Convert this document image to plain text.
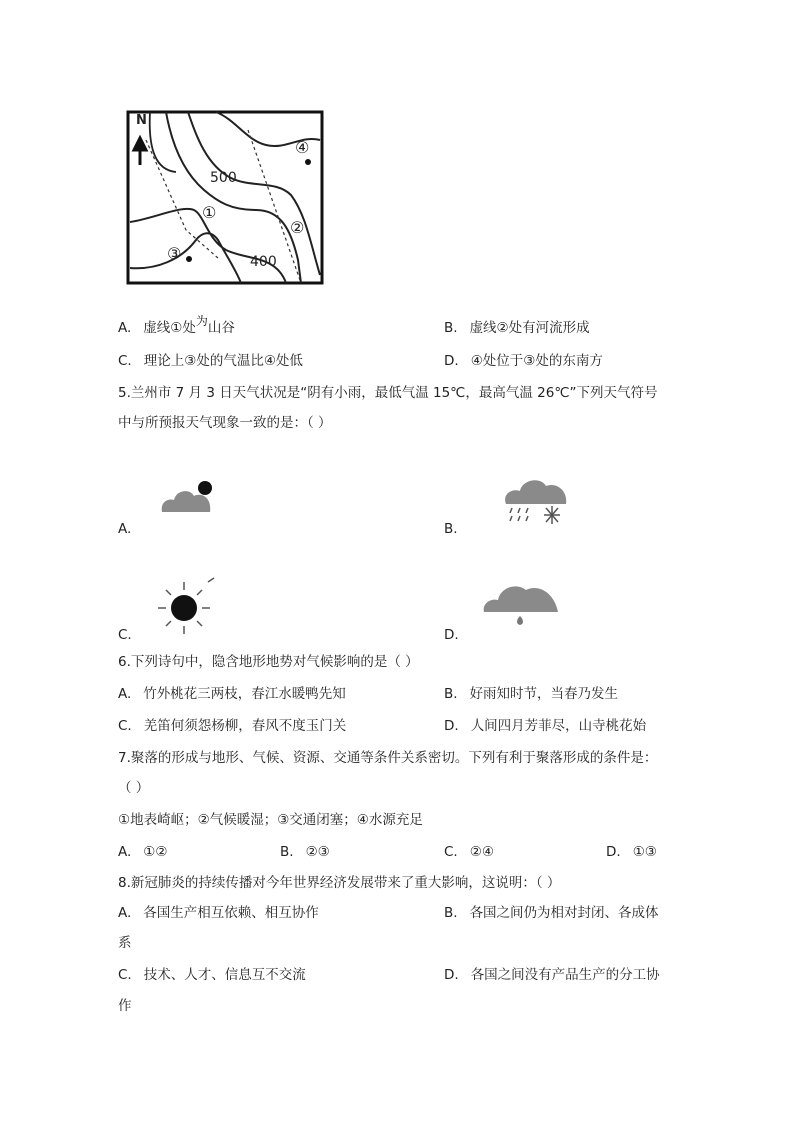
N
500
400
①
②
③
④
A. 虚线①处为山谷	B. 虚线②处有河流形成
C. 理论上③处的气温比④处低	D. ④处位于③处的东南方
5.兰州市 7 月 3 日天气状况是“阴有小雨，最低气温 15℃，最高气温 26℃”下列天气符号
中与所预报天气现象一致的是：（ ）
A.	B.
C.	D.
6.下列诗句中，隐含地形地势对气候影响的是（ ）
A. 竹外桃花三两枝，春江水暖鸭先知	B. 好雨知时节，当春乃发生
C. 羌笛何须怨杨柳，春风不度玉门关	D. 人间四月芳菲尽，山寺桃花始
7.聚落的形成与地形、气候、资源、交通等条件关系密切。下列有利于聚落形成的条件是：
（ ）
①地表崎岖；②气候暖湿；③交通闭塞；④水源充足
A. ①②	B. ②③	C. ②④	D. ①③
8.新冠肺炎的持续传播对今年世界经济发展带来了重大影响，这说明：（ ）
A. 各国生产相互依赖、相互协作	B. 各国之间仍为相对封闭、各成体
系
C. 技术、人才、信息互不交流	D. 各国之间没有产品生产的分工协
作
